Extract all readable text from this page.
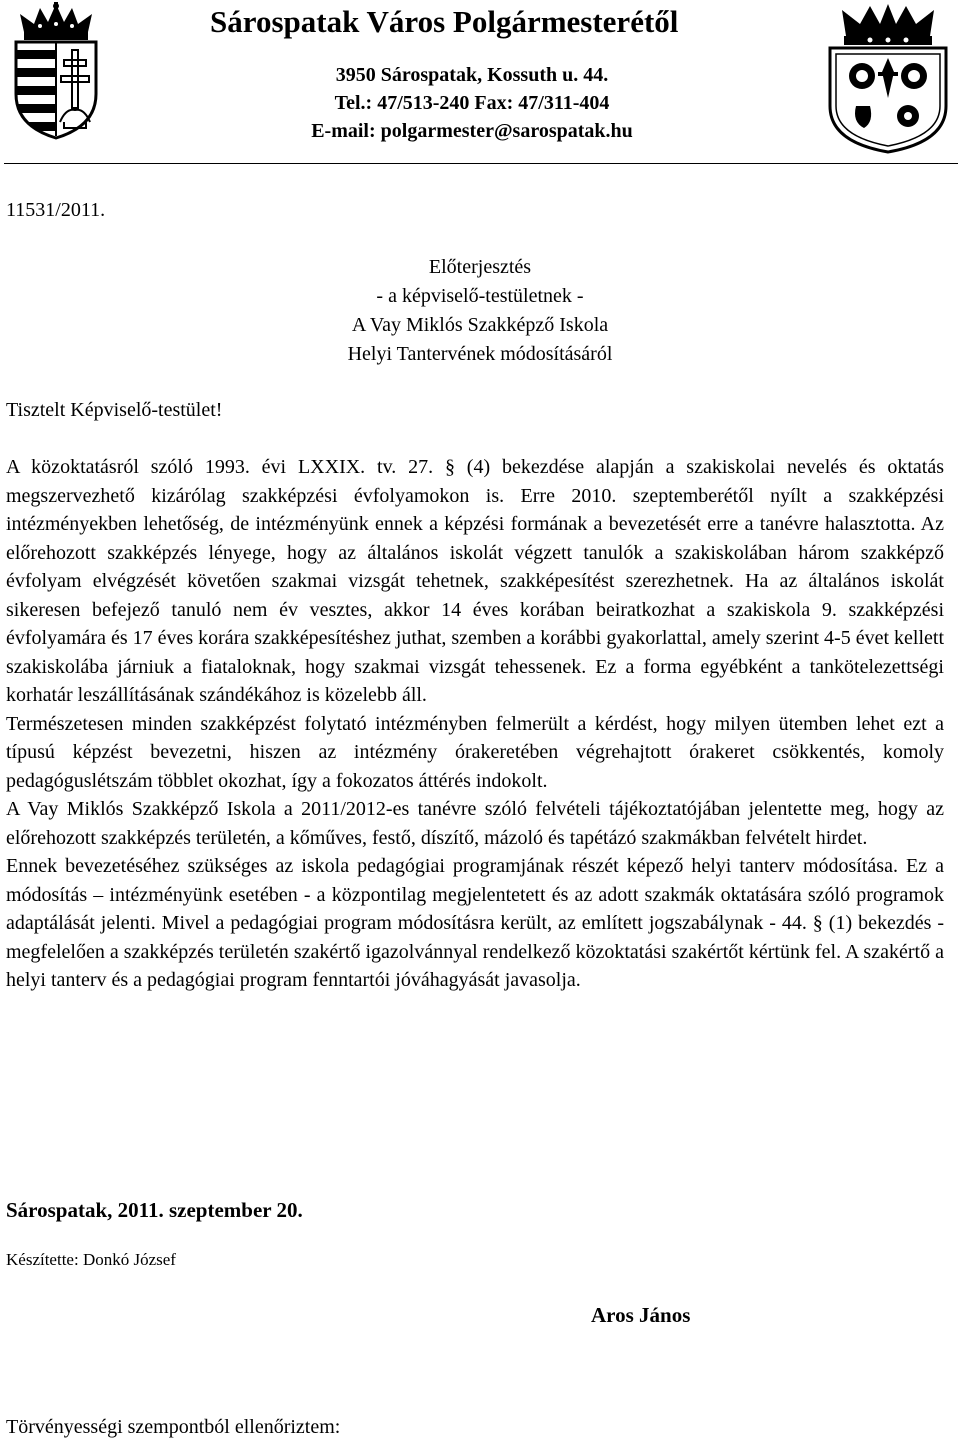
Sárospatak Város Polgármesterétől
3950 Sárospatak, Kossuth u. 44.
Tel.: 47/513-240 Fax: 47/311-404
E-mail: polgarmester@sarospatak.hu
11531/2011.
Előterjesztés
- a képviselő-testületnek -
A Vay Miklós Szakképző Iskola
Helyi Tantervének módosításáról
Tisztelt Képviselő-testület!

A közoktatásról szóló 1993. évi LXXIX. tv. 27. § (4) bekezdése alapján a szakiskolai nevelés és oktatás megszervezhető kizárólag szakképzési évfolyamokon is. Erre 2010. szeptemberétől nyílt a szakképzési intézményekben lehetőség, de intézményünk ennek a képzési formának a bevezetését erre a tanévre halasztotta. Az előrehozott szakképzés lényege, hogy az általános iskolát végzett tanulók a szakiskolában három szakképző évfolyam elvégzését követően szakmai vizsgát tehetnek, szakképesítést szerezhetnek. Ha az általános iskolát sikeresen befejező tanuló nem év vesztes, akkor 14 éves korában beiratkozhat a szakiskola 9. szakképzési évfolyamára és 17 éves korára szakképesítéshez juthat, szemben a korábbi gyakorlattal, amely szerint 4-5 évet kellett szakiskolába járniuk a fiataloknak, hogy szakmai vizsgát tehessenek. Ez a forma egyébként a tankötelezettségi korhatár leszállításának szándékához is közelebb áll.

Természetesen minden szakképzést folytató intézményben felmerült a kérdést, hogy milyen ütemben lehet ezt a típusú képzést bevezetni, hiszen az intézmény órakeretében végrehajtott órakeret csökkentés, komoly pedagóguslétszám többlet okozhat, így a fokozatos áttérés indokolt.

A Vay Miklós Szakképző Iskola a 2011/2012-es tanévre szóló felvételi tájékoztatójában jelentette meg, hogy az előrehozott szakképzés területén, a kőműves, festő, díszítő, mázoló és tapétázó szakmákban felvételt hirdet.

Ennek bevezetéséhez szükséges az iskola pedagógiai programjának részét képező helyi tanterv módosítása. Ez a módosítás – intézményünk esetében - a központilag megjelentetett és az adott szakmák oktatására szóló programok adaptálását jelenti. Mivel a pedagógiai program módosításra került, az említett jogszabálynak - 44. § (1) bekezdés - megfelelően a szakképzés területén szakértő igazolvánnyal rendelkező közoktatási szakértőt kértünk fel. A szakértő a helyi tanterv és a pedagógiai program fenntartói jóváhagyását javasolja.

Sárospatak, 2011. szeptember 20.
Készítette: Donkó József
Aros János
Törvényességi szempontból ellenőriztem:
